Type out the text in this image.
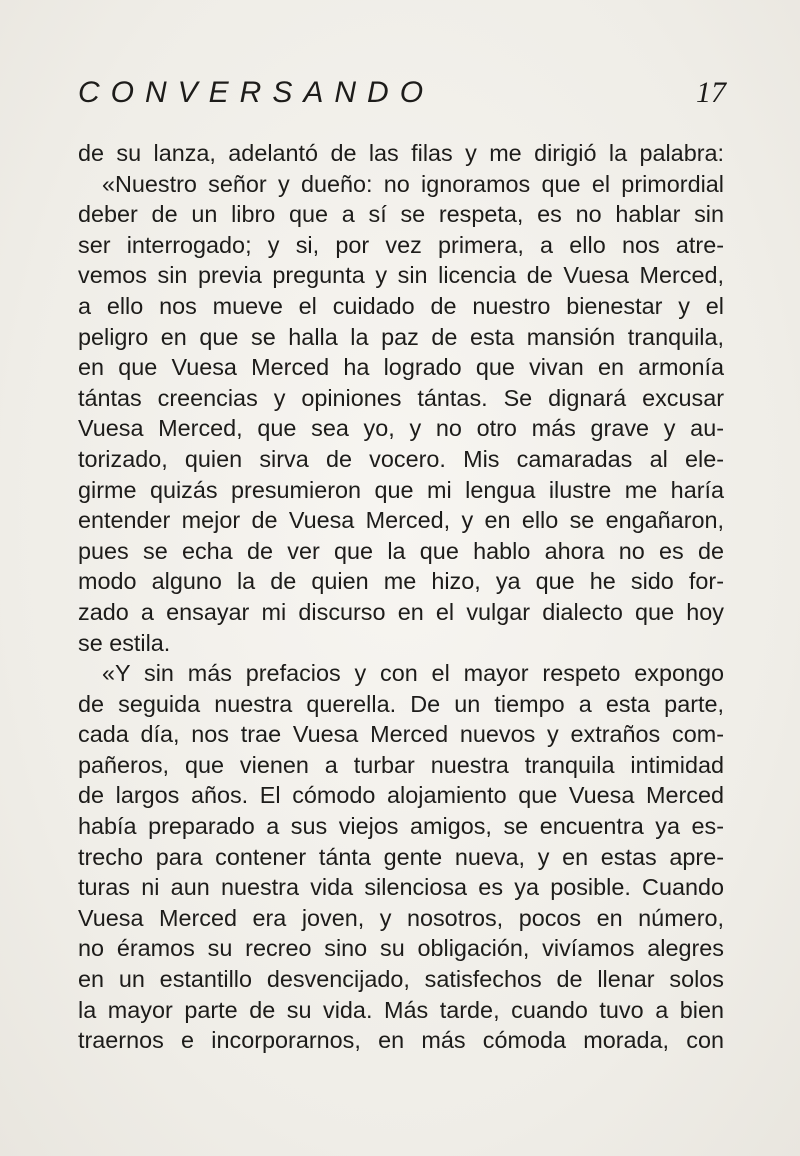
CONVERSANDO	17
de su lanza, adelantó de las filas y me dirigió la palabra:
«Nuestro señor y dueño: no ignoramos que el primordial
deber de un libro que a sí se respeta, es no hablar sin
ser interrogado; y si, por vez primera, a ello nos atre-
vemos sin previa pregunta y sin licencia de Vuesa Merced,
a ello nos mueve el cuidado de nuestro bienestar y el
peligro en que se halla la paz de esta mansión tranquila,
en que Vuesa Merced ha logrado que vivan en armonía
tántas creencias y opiniones tántas. Se dignará excusar
Vuesa Merced, que sea yo, y no otro más grave y au-
torizado, quien sirva de vocero. Mis camaradas al ele-
girme quizás presumieron que mi lengua ilustre me haría
entender mejor de Vuesa Merced, y en ello se engañaron,
pues se echa de ver que la que hablo ahora no es de
modo alguno la de quien me hizo, ya que he sido for-
zado a ensayar mi discurso en el vulgar dialecto que hoy
se estila.
«Y sin más prefacios y con el mayor respeto expongo
de seguida nuestra querella. De un tiempo a esta parte,
cada día, nos trae Vuesa Merced nuevos y extraños com-
pañeros, que vienen a turbar nuestra tranquila intimidad
de largos años. El cómodo alojamiento que Vuesa Merced
había preparado a sus viejos amigos, se encuentra ya es-
trecho para contener tánta gente nueva, y en estas apre-
turas ni aun nuestra vida silenciosa es ya posible. Cuando
Vuesa Merced era joven, y nosotros, pocos en número,
no éramos su recreo sino su obligación, vivíamos alegres
en un estantillo desvencijado, satisfechos de llenar solos
la mayor parte de su vida. Más tarde, cuando tuvo a bien
traernos e incorporarnos, en más cómoda morada, con
